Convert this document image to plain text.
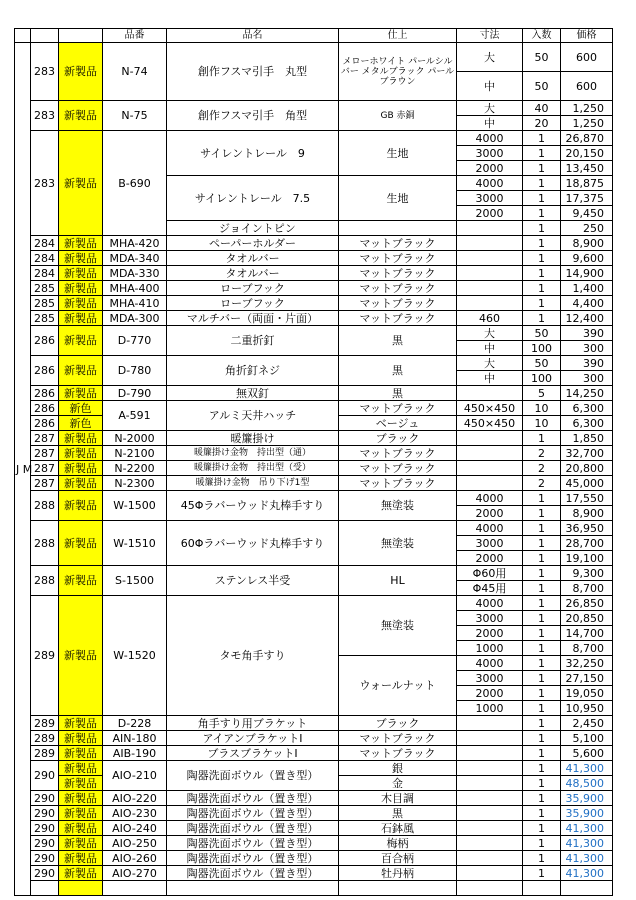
			品番	品名	仕上	寸法	入数	価格
J M	283	新製品	N-74	創作フスマ引手　丸型	メローホワイト パールシルバー メタルブラック パールブラウン	大	50	600
						中	50	600
	283	新製品	N-75	創作フスマ引手　角型	GB 赤銅	大	40	1,250
						中	20	1,250
	283	新製品	B-690	サイレントレール　9	生地	4000	1	26,870
						3000	1	20,150
						2000	1	13,450
				サイレントレール　7.5	生地	4000	1	18,875
						3000	1	17,375
						2000	1	9,450
				ジョイントピン			1	250
	284	新製品	MHA-420	ペーパーホルダー	マットブラック		1	8,900
	284	新製品	MDA-340	タオルバー	マットブラック		1	9,600
	284	新製品	MDA-330	タオルバー	マットブラック		1	14,900
	285	新製品	MHA-400	ローブフック	マットブラック		1	1,400
	285	新製品	MHA-410	ローブフック	マットブラック		1	4,400
	285	新製品	MDA-300	マルチバー（両面・片面）	マットブラック	460	1	12,400
	286	新製品	D-770	二重折釘	黒	大	50	390
						中	100	300
	286	新製品	D-780	角折釘ネジ	黒	大	50	390
						中	100	300
	286	新製品	D-790	無双釘	黒		5	14,250
	286	新色	A-591	アルミ天井ハッチ	マットブラック	450×450	10	6,300
	286	新色			ベージュ	450×450	10	6,300
	287	新製品	N-2000	暖簾掛け	ブラック		1	1,850
	287	新製品	N-2100	暖簾掛け金物　持出型（通）	マットブラック		2	32,700
	287	新製品	N-2200	暖簾掛け金物　持出型（受）	マットブラック		2	20,800
	287	新製品	N-2300	暖簾掛け金物　吊り下げ1型	マットブラック		2	45,000
	288	新製品	W-1500	45Φラバーウッド丸棒手すり	無塗装	4000	1	17,550
						2000	1	8,900
	288	新製品	W-1510	60Φラバーウッド丸棒手すり	無塗装	4000	1	36,950
						3000	1	28,700
						2000	1	19,100
	288	新製品	S-1500	ステンレス半受	HL	Φ60用	1	9,300
						Φ45用	1	8,700
	289	新製品	W-1520	タモ角手すり	無塗装	4000	1	26,850
						3000	1	20,850
						2000	1	14,700
						1000	1	8,700
					ウォールナット	4000	1	32,250
						3000	1	27,150
						2000	1	19,050
						1000	1	10,950
	289	新製品	D-228	角手すり用ブラケット	ブラック		1	2,450
	289	新製品	AIN-180	アイアンブラケットⅠ	マットブラック		1	5,100
	289	新製品	AIB-190	ブラスブラケットⅠ	マットブラック		1	5,600
	290	新製品	AIO-210	陶器洗面ボウル（置き型）	銀		1	41,300
		新製品			金		1	48,500
	290	新製品	AIO-220	陶器洗面ボウル（置き型）	木目調		1	35,900
	290	新製品	AIO-230	陶器洗面ボウル（置き型）	黒		1	35,900
	290	新製品	AIO-240	陶器洗面ボウル（置き型）	石鉢風		1	41,300
	290	新製品	AIO-250	陶器洗面ボウル（置き型）	梅柄		1	41,300
	290	新製品	AIO-260	陶器洗面ボウル（置き型）	百合柄		1	41,300
	290	新製品	AIO-270	陶器洗面ボウル（置き型）	牡丹柄		1	41,300
